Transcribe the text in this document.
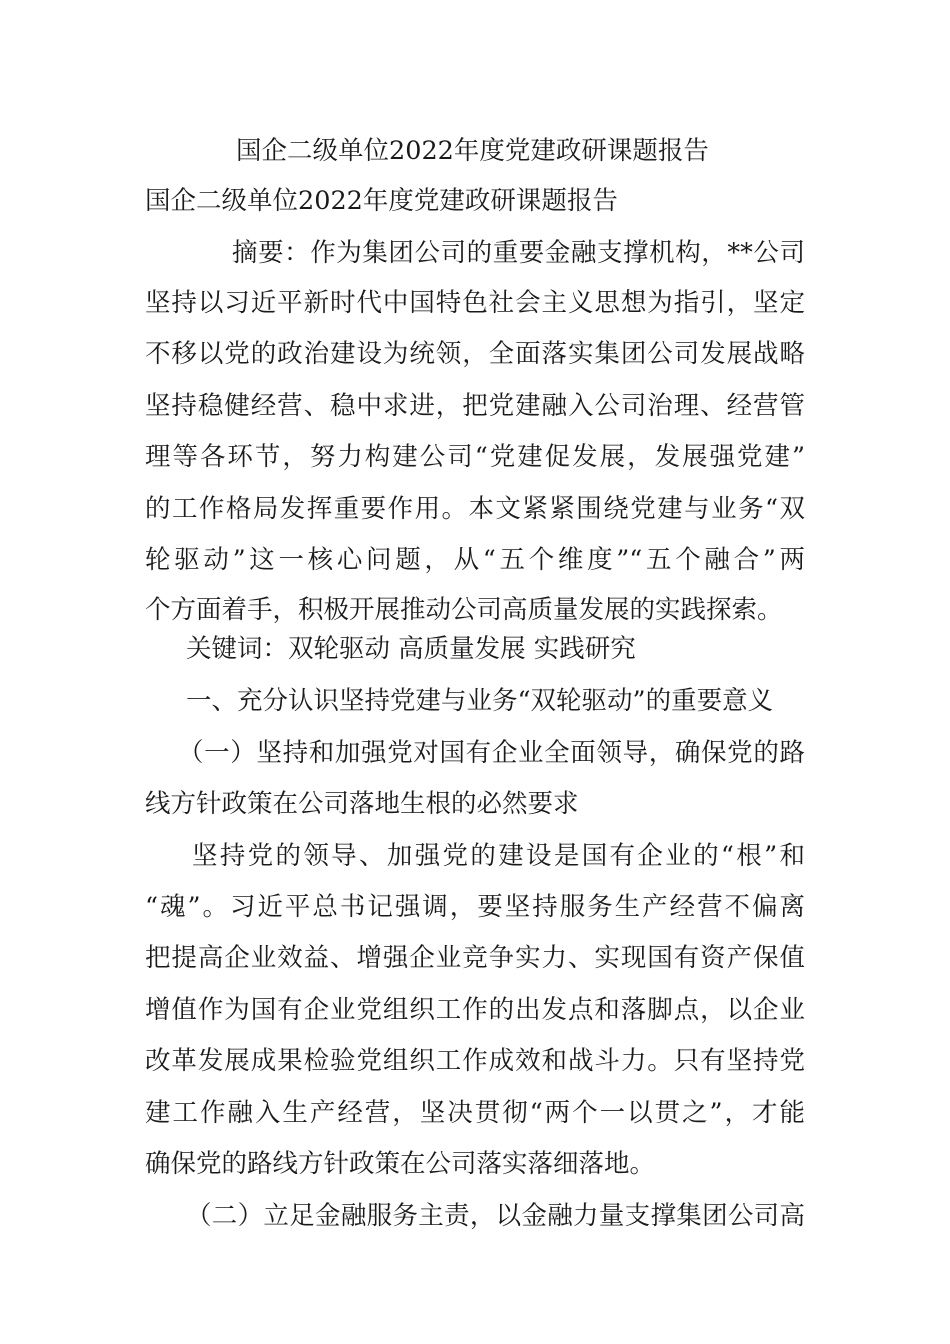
国企二级单位2022年度党建政研课题报告

国企二级单位2022年度党建政研课题报告

摘要：作为集团公司的重要金融支撑机构，**公司

坚持以习近平新时代中国特色社会主义思想为指引，坚定

不移以党的政治建设为统领，全面落实集团公司发展战略

坚持稳健经营、稳中求进，把党建融入公司治理、经营管

理等各环节，努力构建公司“党建促发展，发展强党建”

的工作格局发挥重要作用。本文紧紧围绕党建与业务“双

轮驱动”这一核心问题，从“五个维度”“五个融合”两

个方面着手，积极开展推动公司高质量发展的实践探索。

关键词：双轮驱动 高质量发展 实践研究

一、充分认识坚持党建与业务“双轮驱动”的重要意义

（一）坚持和加强党对国有企业全面领导，确保党的路

线方针政策在公司落地生根的必然要求

坚持党的领导、加强党的建设是国有企业的“根”和

“魂”。习近平总书记强调，要坚持服务生产经营不偏离

把提高企业效益、增强企业竞争实力、实现国有资产保值

增值作为国有企业党组织工作的出发点和落脚点，以企业

改革发展成果检验党组织工作成效和战斗力。只有坚持党

建工作融入生产经营，坚决贯彻“两个一以贯之”，才能

确保党的路线方针政策在公司落实落细落地。

（二）立足金融服务主责，以金融力量支撑集团公司高
